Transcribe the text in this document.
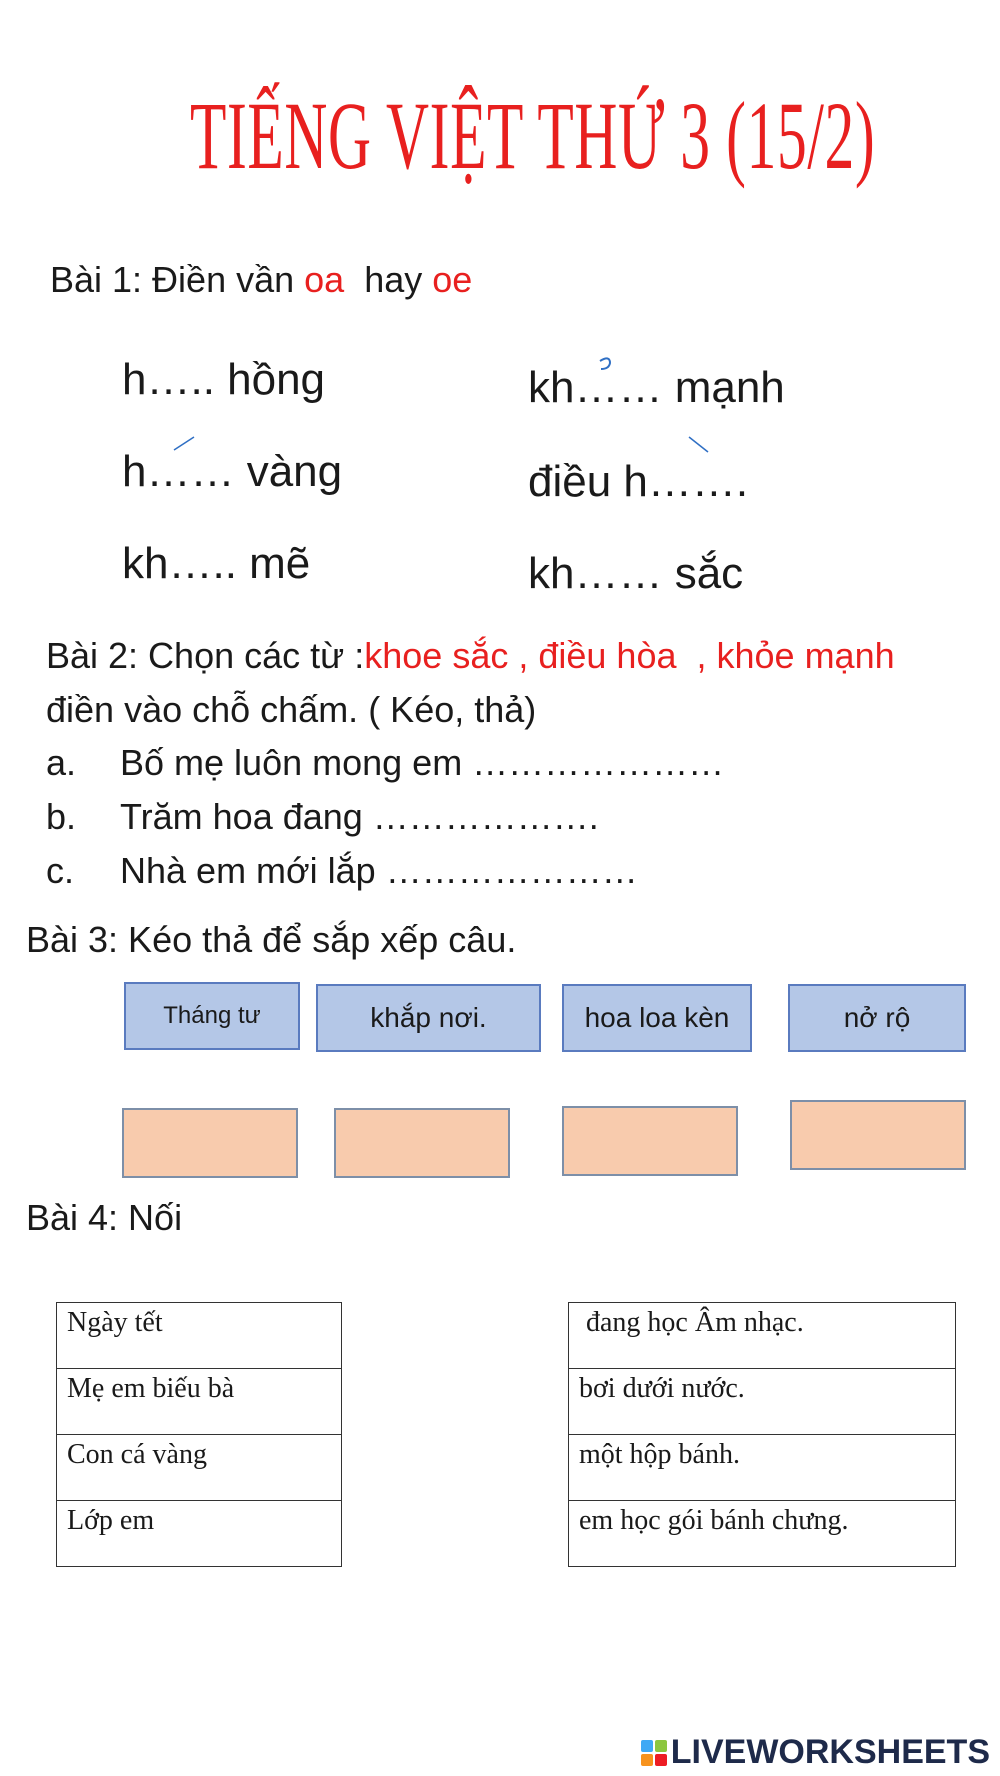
TIẾNG VIỆT THỨ 3 (15/2)
Bài 1: Điền vần oa  hay oe
h….. hồng
h…… vàng
kh….. mẽ
kh…… mạnh
điều h…….
kh…… sắc
Bài 2: Chọn các từ :khoe sắc , điều hòa  , khỏe mạnh
điền vào chỗ chấm. ( Kéo, thả)
a. Bố mẹ luôn mong em …………………
b. Trăm hoa đang ……………….
c. Nhà em mới lắp …………………
Bài 3: Kéo thả để sắp xếp câu.
Tháng tư	khắp nơi.	hoa loa kèn	nở rộ
Bài 4: Nối
Ngày tết
Mẹ em biếu bà
Con cá vàng
Lớp em
đang học Âm nhạc.
bơi dưới nước.
một hộp bánh.
em học gói bánh chưng.
LIVEWORKSHEETS
